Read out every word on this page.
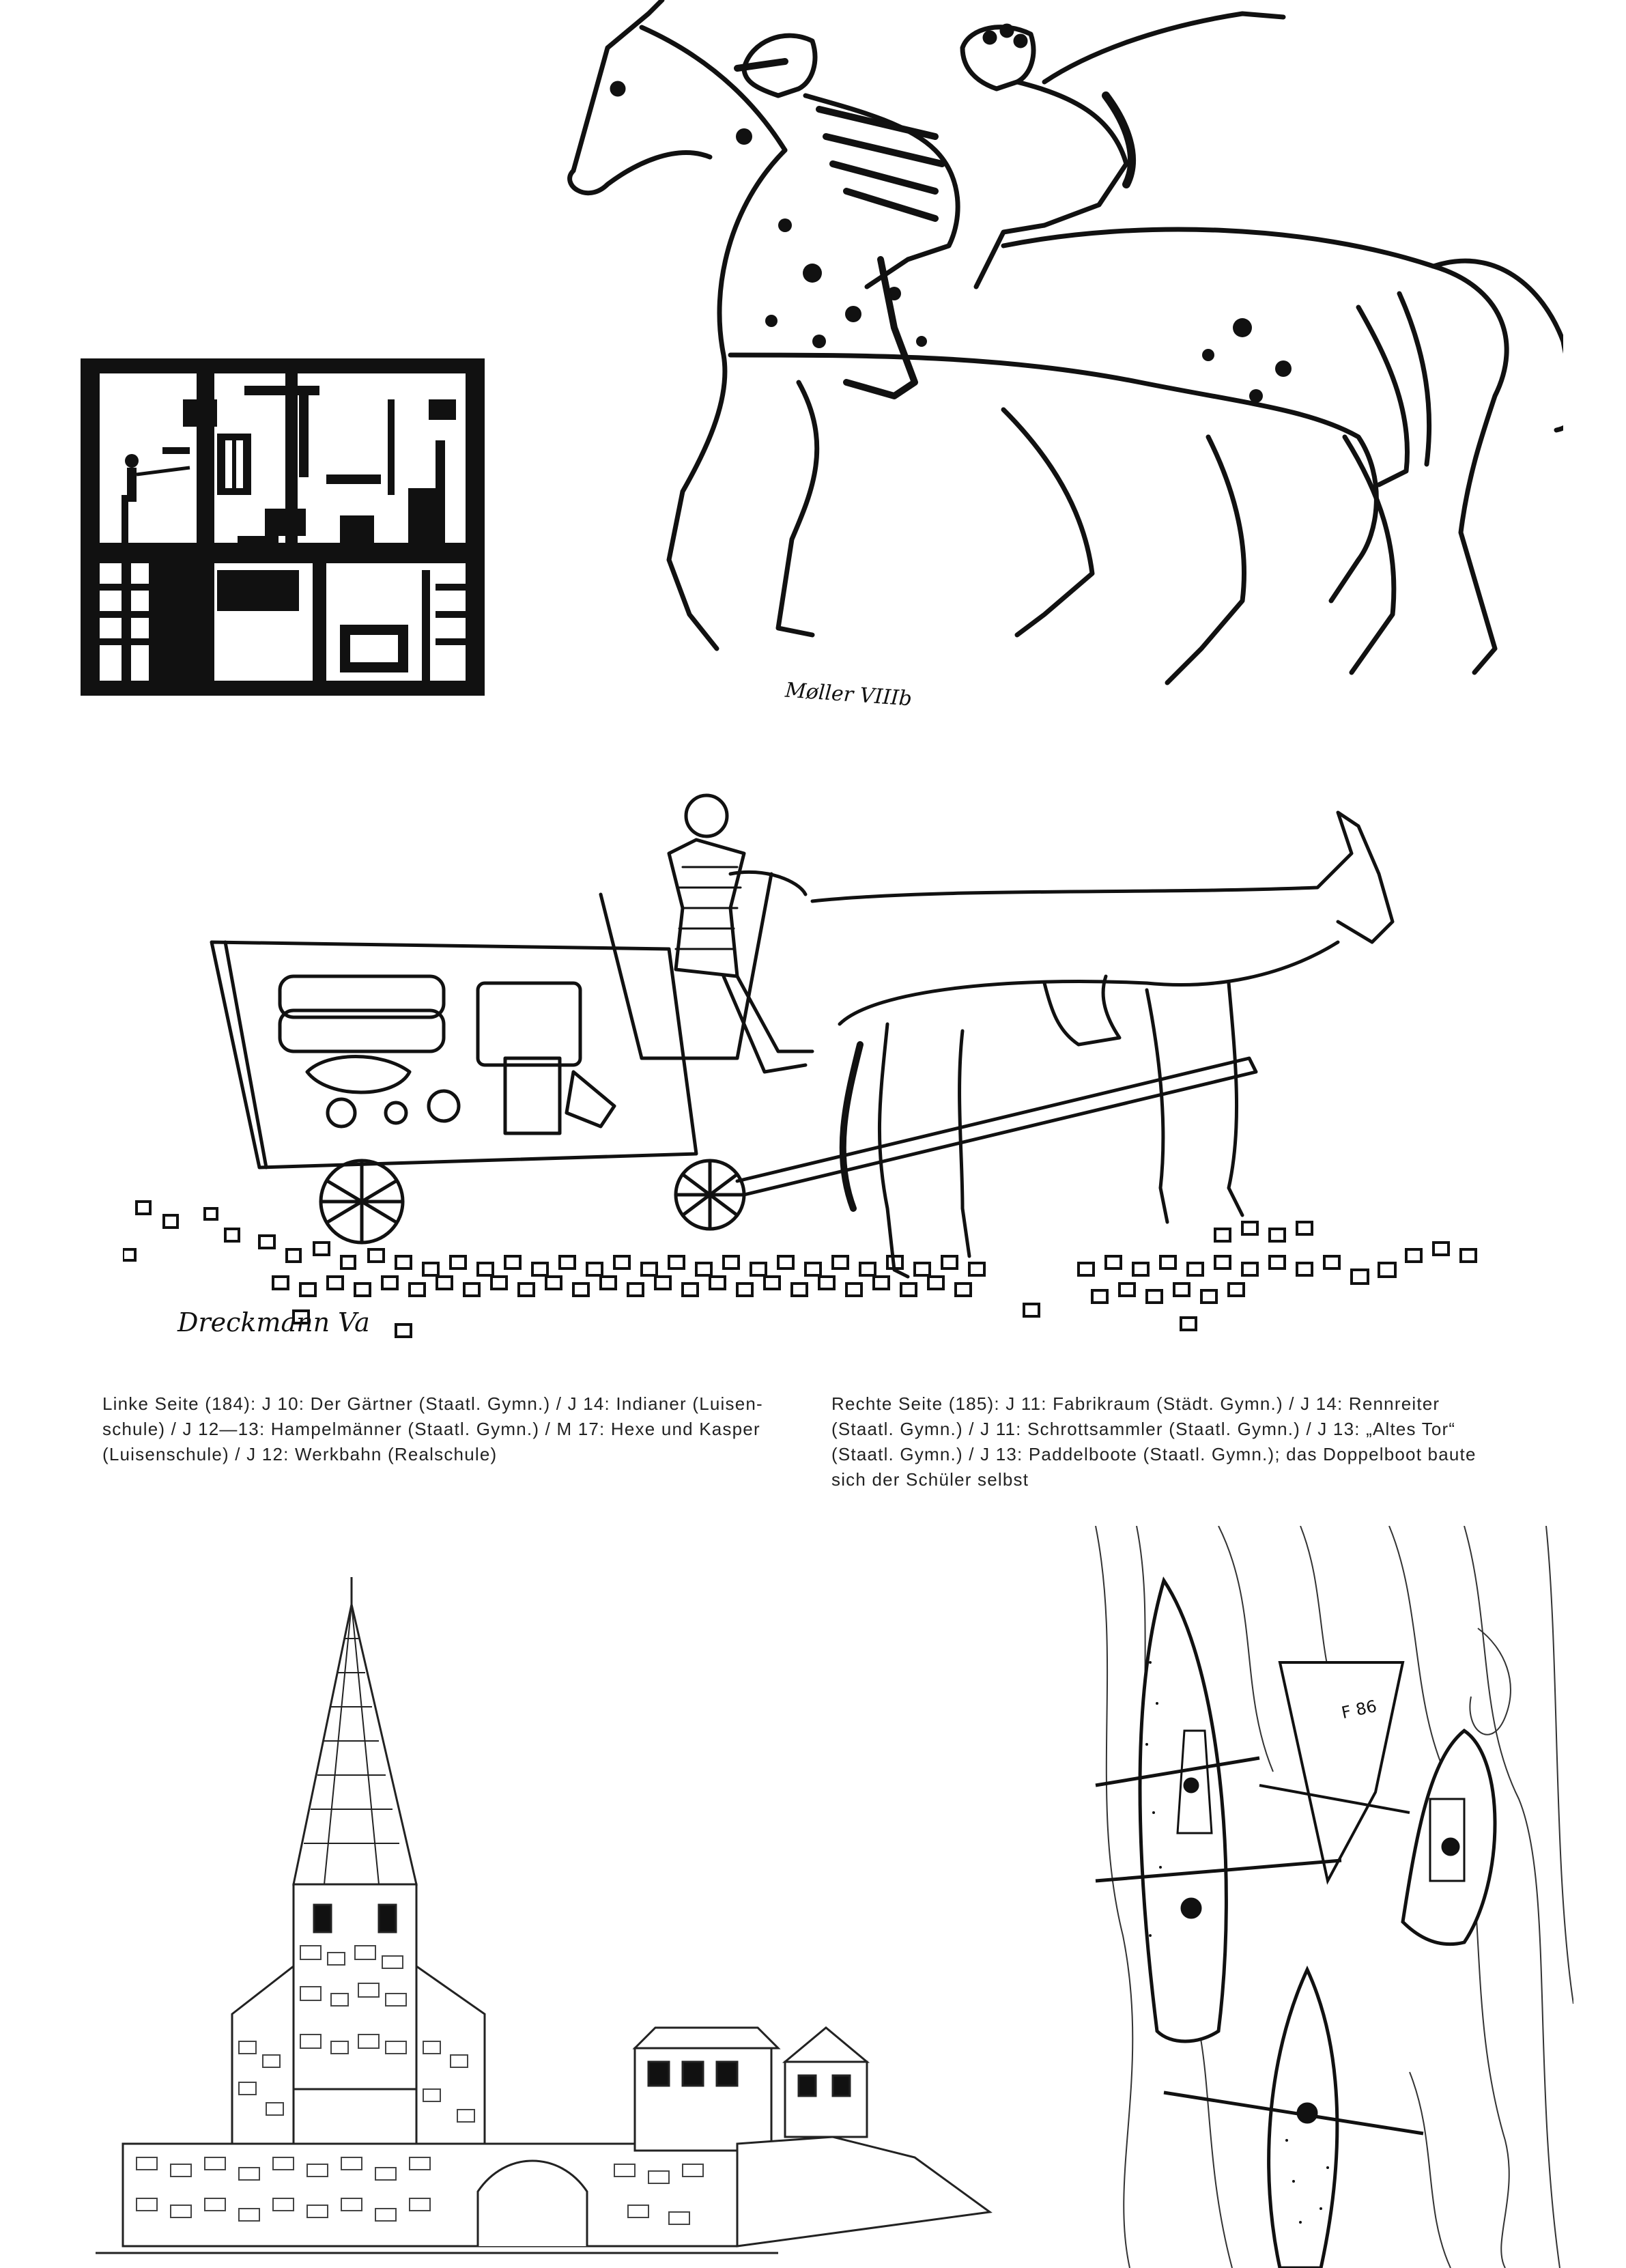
Møller VIIIb
Dreckmann Va
Linke Seite (184): J 10: Der Gärtner (Staatl. Gymn.) / J 14: Indianer (Luisen-
schule) / J 12—13: Hampelmänner (Staatl. Gymn.) / M 17: Hexe und Kasper
(Luisenschule) / J 12: Werkbahn (Realschule)
Rechte Seite (185): J 11: Fabrikraum (Städt. Gymn.) / J 14: Rennreiter
(Staatl. Gymn.) / J 11: Schrottsammler (Staatl. Gymn.) / J 13: „Altes Tor“
(Staatl. Gymn.) / J 13: Paddelboote (Staatl. Gymn.); das Doppelboot baute
sich der Schüler selbst
F 86
